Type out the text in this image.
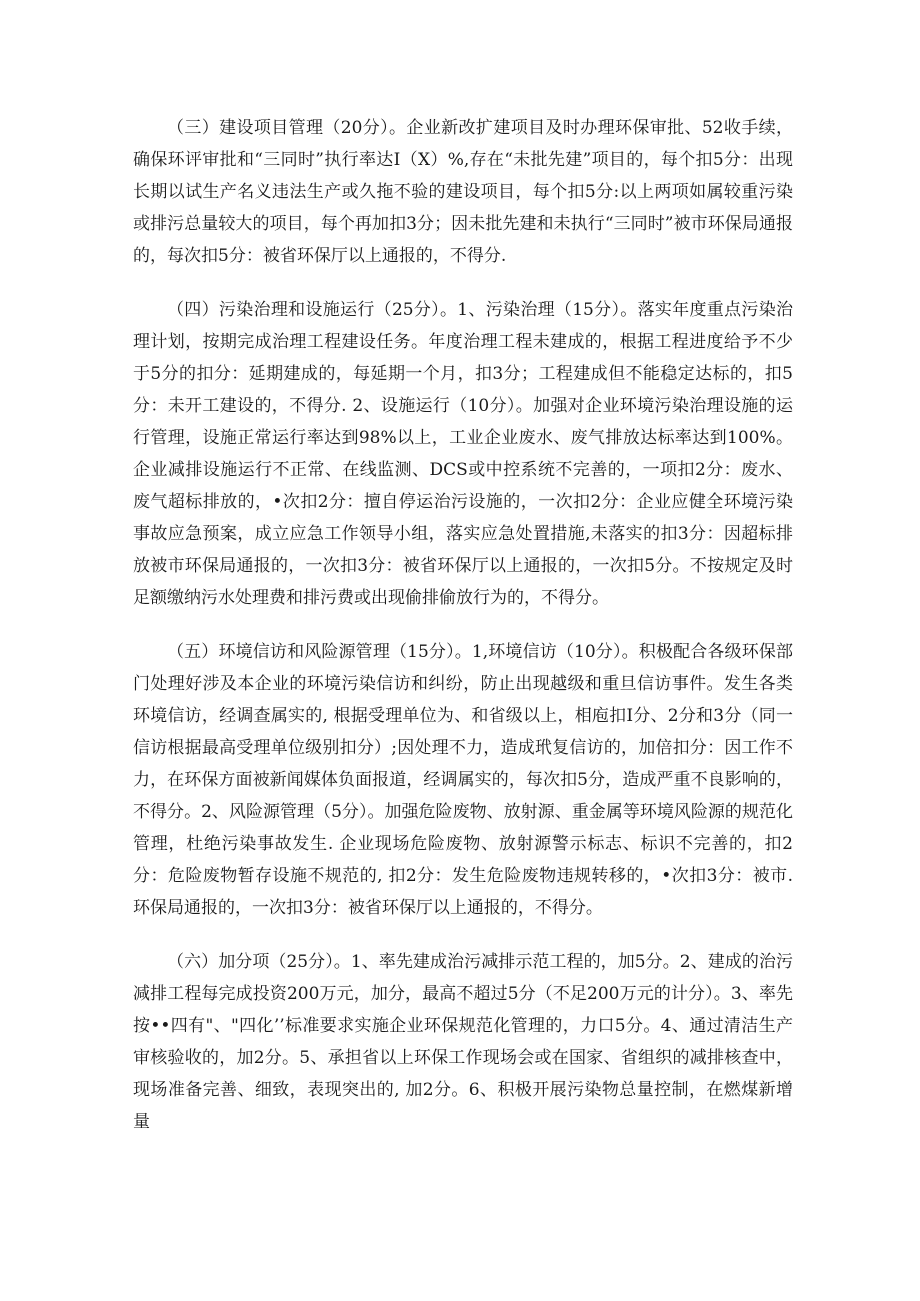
（三）建设项目管理（20分）。企业新改扩建项目及时办理环保审批、52收手续，确保环评审批和“三同时”执行率达I（X）%,存在“未批先建”项目的，每个扣5分：出现长期以试生产名义违法生产或久拖不验的建设项目，每个扣5分:以上两项如属较重污染或排污总量较大的项目，每个再加扣3分；因未批先建和未执行“三同时”被市环保局通报的，每次扣5分：被省环保厅以上通报的，不得分.

（四）污染治理和设施运行（25分）。1、污染治理（15分）。落实年度重点污染治理计划，按期完成治理工程建设任务。年度治理工程未建成的，根据工程进度给予不少于5分的扣分：延期建成的，每延期一个月，扣3分；工程建成但不能稳定达标的，扣5分：未开工建设的，不得分. 2、设施运行（10分）。加强对企业环境污染治理设施的运行管理，设施正常运行率达到98%以上，工业企业废水、废气排放达标率达到100%。企业减排设施运行不正常、在线监测、DCS或中控系统不完善的，一项扣2分：废水、废气超标排放的，•次扣2分：擅自停运治污设施的，一次扣2分：企业应健全环境污染事故应急预案，成立应急工作领导小组，落实应急处置措施,未落实的扣3分：因超标排放被市环保局通报的，一次扣3分：被省环保厅以上通报的，一次扣5分。不按规定及时足额缴纳污水处理费和排污费或出现偷排偷放行为的，不得分。

（五）环境信访和风险源管理（15分）。1,环境信访（10分）。积极配合各级环保部门处理好涉及本企业的环境污染信访和纠纷，防止出现越级和重旦信访事件。发生各类环境信访，经调查属实的, 根据受理单位为、和省级以上，相庖扣I分、2分和3分（同一信访根据最高受理单位级别扣分）;因处理不力，造成玳复信访的，加倍扣分：因工作不力，在环保方面被新闻媒体负面报道，经调属实的，每次扣5分，造成严重不良影响的，不得分。2、风险源管理（5分）。加强危险废物、放射源、重金属等环境风险源的规范化管理，杜绝污染事故发生. 企业现场危险废物、放射源警示标志、标识不完善的，扣2分：危险废物暂存设施不规范的, 扣2分：发生危险废物违规转移的，•次扣3分：被市. 环保局通报的，一次扣3分：被省环保厅以上通报的，不得分。

（六）加分项（25分）。1、率先建成治污减排示范工程的，加5分。2、建成的治污减排工程每完成投资200万元，加分，最高不超过5分（不足200万元的计分）。3、率先按••四有"、"四化’’标准要求实施企业环保规范化管理的，力口5分。4、通过清洁生产审核验收的，加2分。5、承担省以上环保工作现场会或在国家、省组织的减排核查中，现场准备完善、细致，表现突出的, 加2分。6、积极开展污染物总量控制，在燃煤新增量
